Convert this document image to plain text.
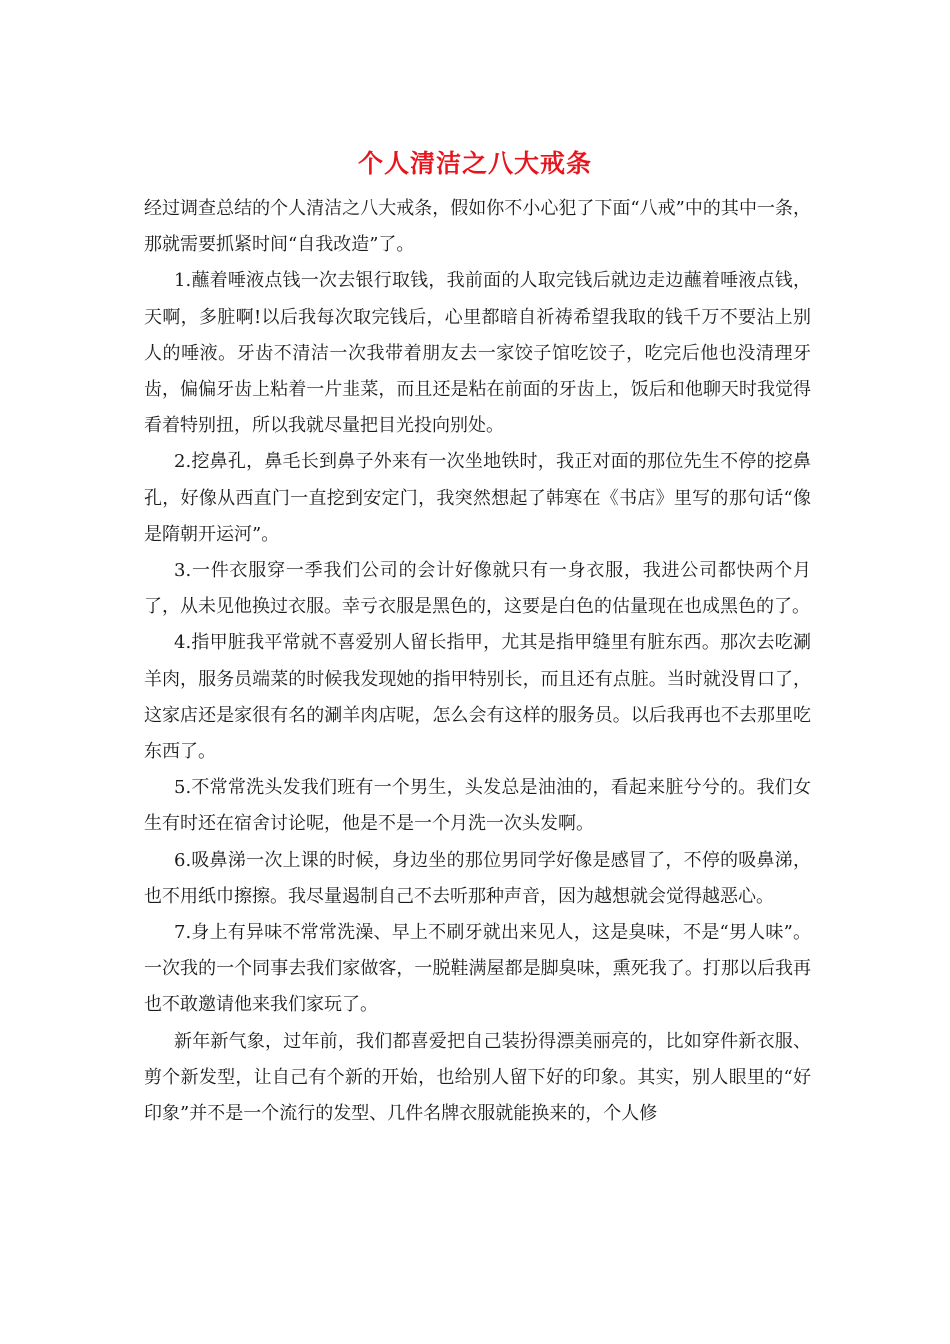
个人清洁之八大戒条

经过调查总结的个人清洁之八大戒条，假如你不小心犯了下面“八戒”中的其中一条，那就需要抓紧时间“自我改造”了。

1.蘸着唾液点钱一次去银行取钱，我前面的人取完钱后就边走边蘸着唾液点钱，天啊，多脏啊!以后我每次取完钱后，心里都暗自祈祷希望我取的钱千万不要沾上别人的唾液。牙齿不清洁一次我带着朋友去一家饺子馆吃饺子，吃完后他也没清理牙齿，偏偏牙齿上粘着一片韭菜，而且还是粘在前面的牙齿上，饭后和他聊天时我觉得看着特别扭，所以我就尽量把目光投向别处。

2.挖鼻孔，鼻毛长到鼻子外来有一次坐地铁时，我正对面的那位先生不停的挖鼻孔，好像从西直门一直挖到安定门，我突然想起了韩寒在《书店》里写的那句话“像是隋朝开运河”。

3.一件衣服穿一季我们公司的会计好像就只有一身衣服，我进公司都快两个月了，从未见他换过衣服。幸亏衣服是黑色的，这要是白色的估量现在也成黑色的了。

4.指甲脏我平常就不喜爱别人留长指甲，尤其是指甲缝里有脏东西。那次去吃涮羊肉，服务员端菜的时候我发现她的指甲特别长，而且还有点脏。当时就没胃口了，这家店还是家很有名的涮羊肉店呢，怎么会有这样的服务员。以后我再也不去那里吃东西了。

5.不常常洗头发我们班有一个男生，头发总是油油的，看起来脏兮兮的。我们女生有时还在宿舍讨论呢，他是不是一个月洗一次头发啊。

6.吸鼻涕一次上课的时候，身边坐的那位男同学好像是感冒了，不停的吸鼻涕，也不用纸巾擦擦。我尽量遏制自己不去听那种声音，因为越想就会觉得越恶心。

7.身上有异味不常常洗澡、早上不刷牙就出来见人，这是臭味，不是“男人味”。一次我的一个同事去我们家做客，一脱鞋满屋都是脚臭味，熏死我了。打那以后我再也不敢邀请他来我们家玩了。

新年新气象，过年前，我们都喜爱把自己装扮得漂美丽亮的，比如穿件新衣服、剪个新发型，让自己有个新的开始，也给别人留下好的印象。其实，别人眼里的“好印象”并不是一个流行的发型、几件名牌衣服就能换来的，个人修
